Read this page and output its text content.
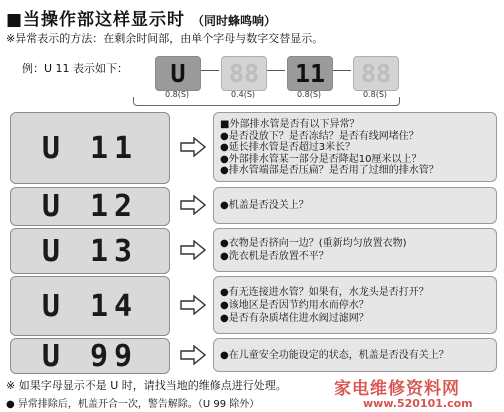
■当操作部这样显示时 （同时蜂鸣响）
※异常表示的方法：在剩余时间部，由单个字母与数字交替显示。
例：U 11 表示如下：	U
0.8(S)
88
0.4(S)
11
0.8(S)
88
0.8(S)
U 11
■外部排水管是否有以下异常？
●是否没放下？是否冻结？是否有线网堵住？
●延长排水管是否超过3米长？
●外部排水管某一部分是否降起10厘米以上？
●排水管端部是否压扁？是否用了过细的排水管？
U 12	●机盖是否没关上？
U 13	●衣物是否挤向一边？(重新均匀放置衣物)
●洗衣机是否放置不平？
U 14	●有无连接进水管？如果有，水龙头是否打开？
●该地区是否因节约用水而停水？
●是否有杂质堵住进水阀过滤网？
U 99	●在儿童安全功能设定的状态，机盖是否没有关上？
※ 如果字母显示不是 U 时，请找当地的维修点进行处理。
● 异常排除后，机盖开合一次，警告解除。（U 99 除外）
家电维修资料网
www.520101.com
